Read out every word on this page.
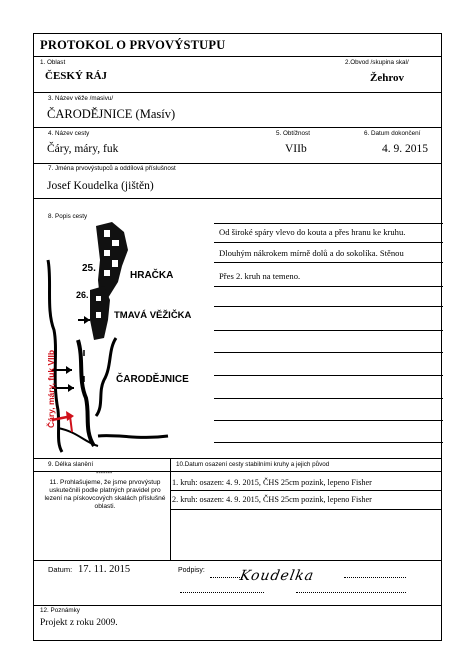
PROTOKOL O PRVOVÝSTUPU
1. Oblast
ČESKÝ RÁJ
2.Obvod /skupina skal/
Žehrov
3. Název věže /masivu/
ČARODĚJNICE (Masív)
4. Název cesty
Čáry, máry, fuk
5. Obtížnost
VIIb
6. Datum dokončení
4. 9. 2015
7. Jména prvovýstupců a oddílová příslušnost
Josef Koudelka (jištěn)
8. Popis cesty
25.
26.
HRAČKA
TMAVÁ VĚŽIČKA
ČARODĚJNICE
Čáry, máry, fuk VIIb
Od široké spáry vlevo do kouta a přes hranu ke kruhu.
Dlouhým nákrokem mírně dolů a do sokolíka. Stěnou
Přes 2. kruh na temeno.
9. Délka slanění
-------
10.Datum osazení cesty stabilními kruhy a jejich původ
11. Prohlašujeme, že jsme prvovýstup uskutečnili podle platných pravidel pro lezení na pískovcových skalách příslušné oblasti.
1. kruh: osazen: 4. 9. 2015, ČHS 25cm pozink, lepeno Fisher
2. kruh: osazen: 4. 9. 2015, ČHS 25cm pozink, lepeno Fisher
Datum: 17. 11. 2015	Podpisy: Koudelka
12. Poznámky
Projekt z roku 2009.
